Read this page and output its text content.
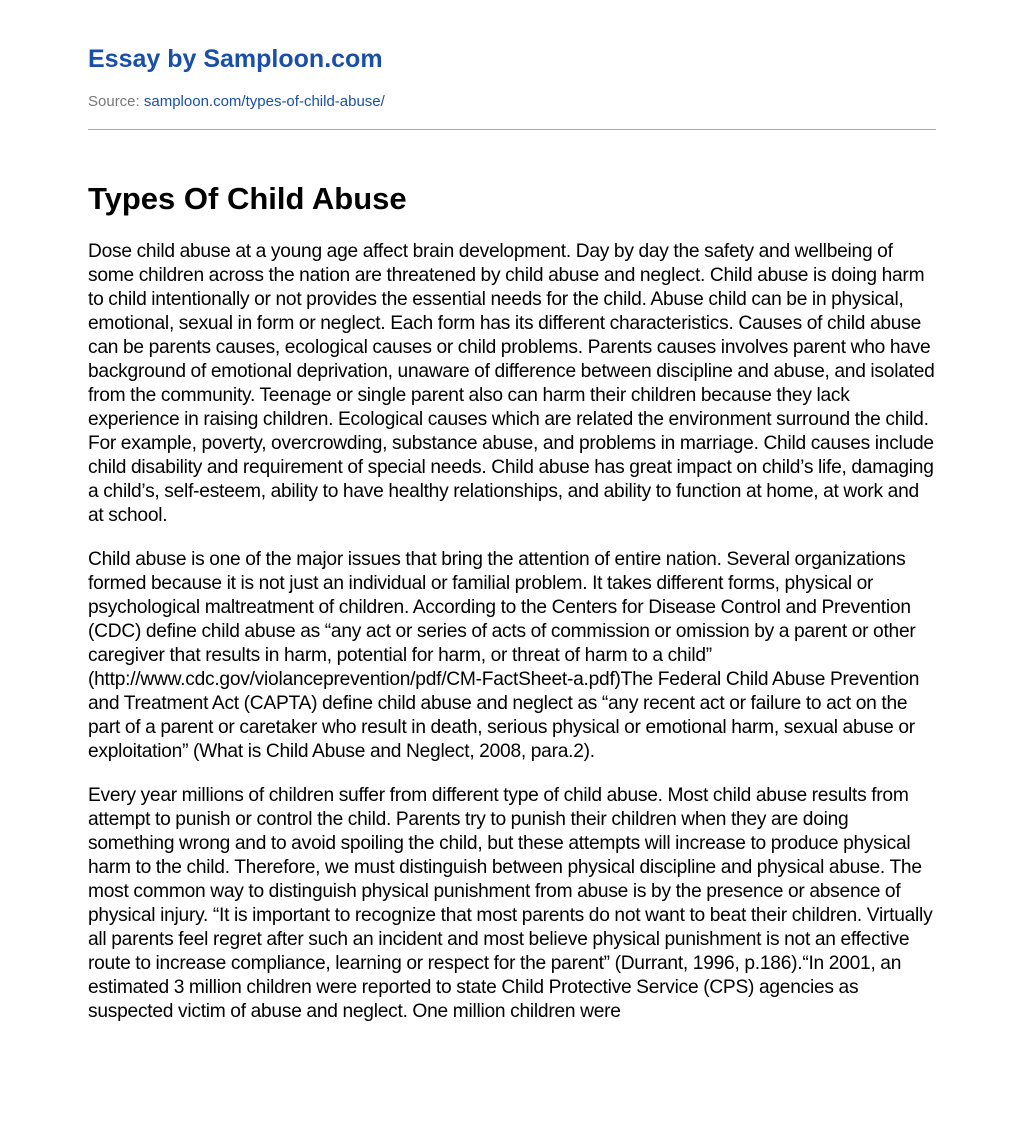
Essay by Samploon.com
Source: samploon.com/types-of-child-abuse/
Types Of Child Abuse

Dose child abuse at a young age affect brain development. Day by day the safety and wellbeing of some children across the nation are threatened by child abuse and neglect. Child abuse is doing harm to child intentionally or not provides the essential needs for the child. Abuse child can be in physical, emotional, sexual in form or neglect. Each form has its different characteristics. Causes of child abuse can be parents causes, ecological causes or child problems. Parents causes involves parent who have background of emotional deprivation, unaware of difference between discipline and abuse, and isolated from the community. Teenage or single parent also can harm their children because they lack experience in raising children. Ecological causes which are related the environment surround the child. For example, poverty, overcrowding, substance abuse, and problems in marriage. Child causes include child disability and requirement of special needs. Child abuse has great impact on child’s life, damaging a child’s, self-esteem, ability to have healthy relationships, and ability to function at home, at work and at school.

Child abuse is one of the major issues that bring the attention of entire nation. Several organizations formed because it is not just an individual or familial problem. It takes different forms, physical or psychological maltreatment of children. According to the Centers for Disease Control and Prevention (CDC) define child abuse as “any act or series of acts of commission or omission by a parent or other caregiver that results in harm, potential for harm, or threat of harm to a child” (http://www.cdc.gov/violanceprevention/pdf/CM-FactSheet-a.pdf)The Federal Child Abuse Prevention and Treatment Act (CAPTA) define child abuse and neglect as “any recent act or failure to act on the part of a parent or caretaker who result in death, serious physical or emotional harm, sexual abuse or exploitation” (What is Child Abuse and Neglect, 2008, para.2).

Every year millions of children suffer from different type of child abuse. Most child abuse results from attempt to punish or control the child. Parents try to punish their children when they are doing something wrong and to avoid spoiling the child, but these attempts will increase to produce physical harm to the child. Therefore, we must distinguish between physical discipline and physical abuse. The most common way to distinguish physical punishment from abuse is by the presence or absence of physical injury. “It is important to recognize that most parents do not want to beat their children. Virtually all parents feel regret after such an incident and most believe physical punishment is not an effective route to increase compliance, learning or respect for the parent” (Durrant, 1996, p.186).“In 2001, an estimated 3 million children were reported to state Child Protective Service (CPS) agencies as suspected victim of abuse and neglect. One million children were
